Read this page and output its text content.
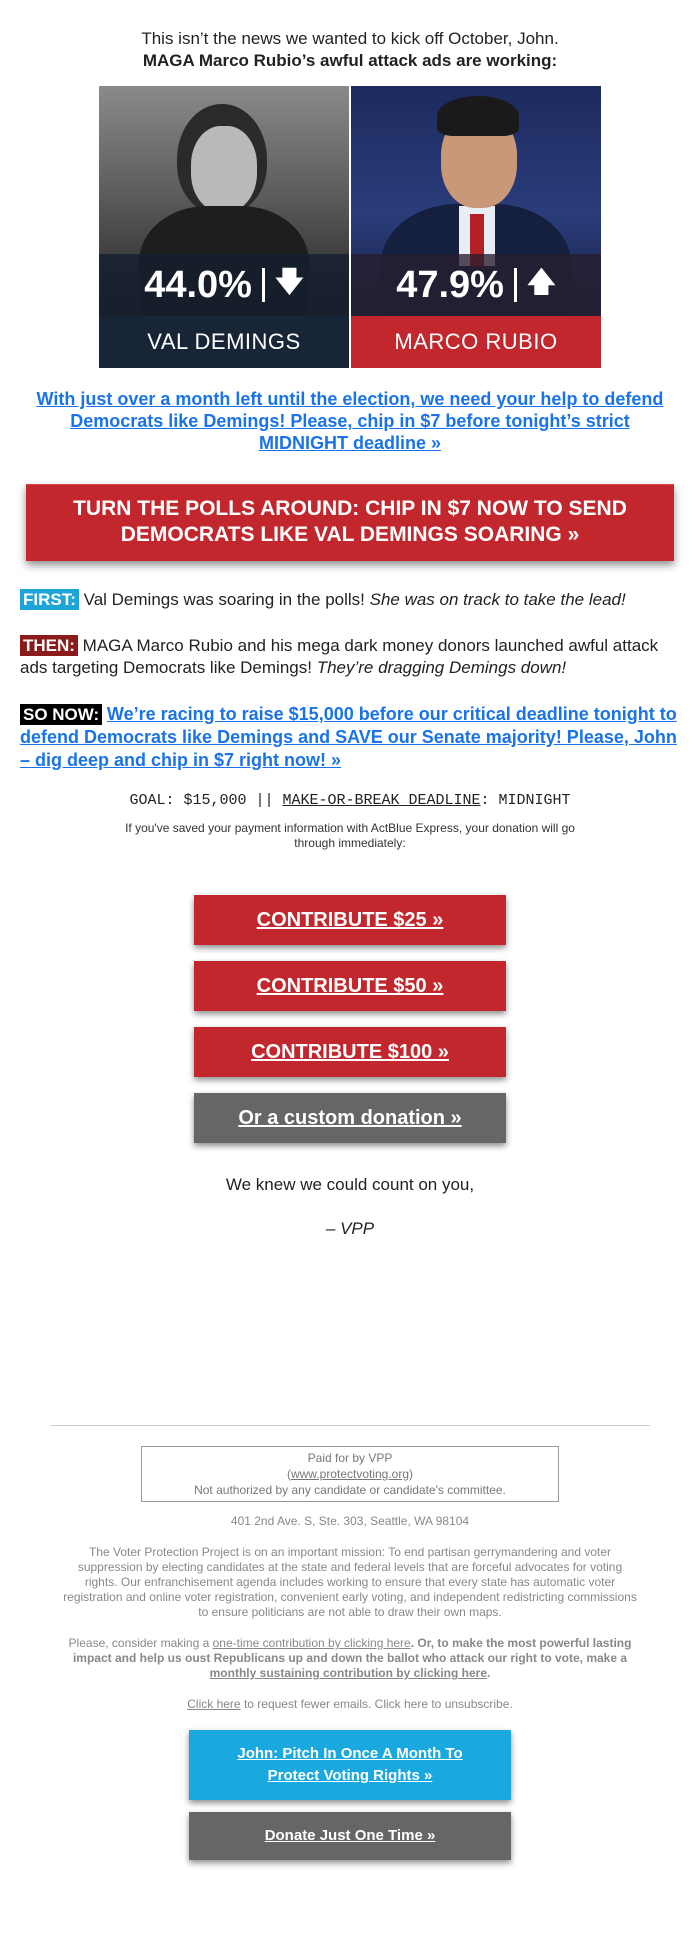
This isn’t the news we wanted to kick off October, John.
MAGA Marco Rubio’s awful attack ads are working:
44.0% 🡇
VAL DEMINGS
47.9% 🡅
MARCO RUBIO
With just over a month left until the election, we need your help to defend Democrats like Demings! Please, chip in $7 before tonight’s strict MIDNIGHT deadline »
TURN THE POLLS AROUND: CHIP IN $7 NOW TO SEND DEMOCRATS LIKE VAL DEMINGS SOARING »
FIRST: Val Demings was soaring in the polls! She was on track to take the lead!
THEN: MAGA Marco Rubio and his mega dark money donors launched awful attack ads targeting Democrats like Demings! They’re dragging Demings down!
SO NOW: We’re racing to raise $15,000 before our critical deadline tonight to defend Democrats like Demings and SAVE our Senate majority! Please, John – dig deep and chip in $7 right now! »
GOAL: $15,000 || MAKE-OR-BREAK DEADLINE: MIDNIGHT
If you've saved your payment information with ActBlue Express, your donation will go through immediately:
CONTRIBUTE $25 »
CONTRIBUTE $50 »
CONTRIBUTE $100 »
Or a custom donation »
We knew we could count on you,
– VPP
Paid for by VPP
(www.protectvoting.org)
Not authorized by any candidate or candidate's committee.
401 2nd Ave. S, Ste. 303, Seattle, WA 98104
The Voter Protection Project is on an important mission: To end partisan gerrymandering and voter suppression by electing candidates at the state and federal levels that are forceful advocates for voting rights. Our enfranchisement agenda includes working to ensure that every state has automatic voter registration and online voter registration, convenient early voting, and independent redistricting commissions to ensure politicians are not able to draw their own maps.
Please, consider making a one-time contribution by clicking here. Or, to make the most powerful lasting impact and help us oust Republicans up and down the ballot who attack our right to vote, make a monthly sustaining contribution by clicking here.
Click here to request fewer emails. Click here to unsubscribe.
John: Pitch In Once A Month To Protect Voting Rights »
Donate Just One Time »
